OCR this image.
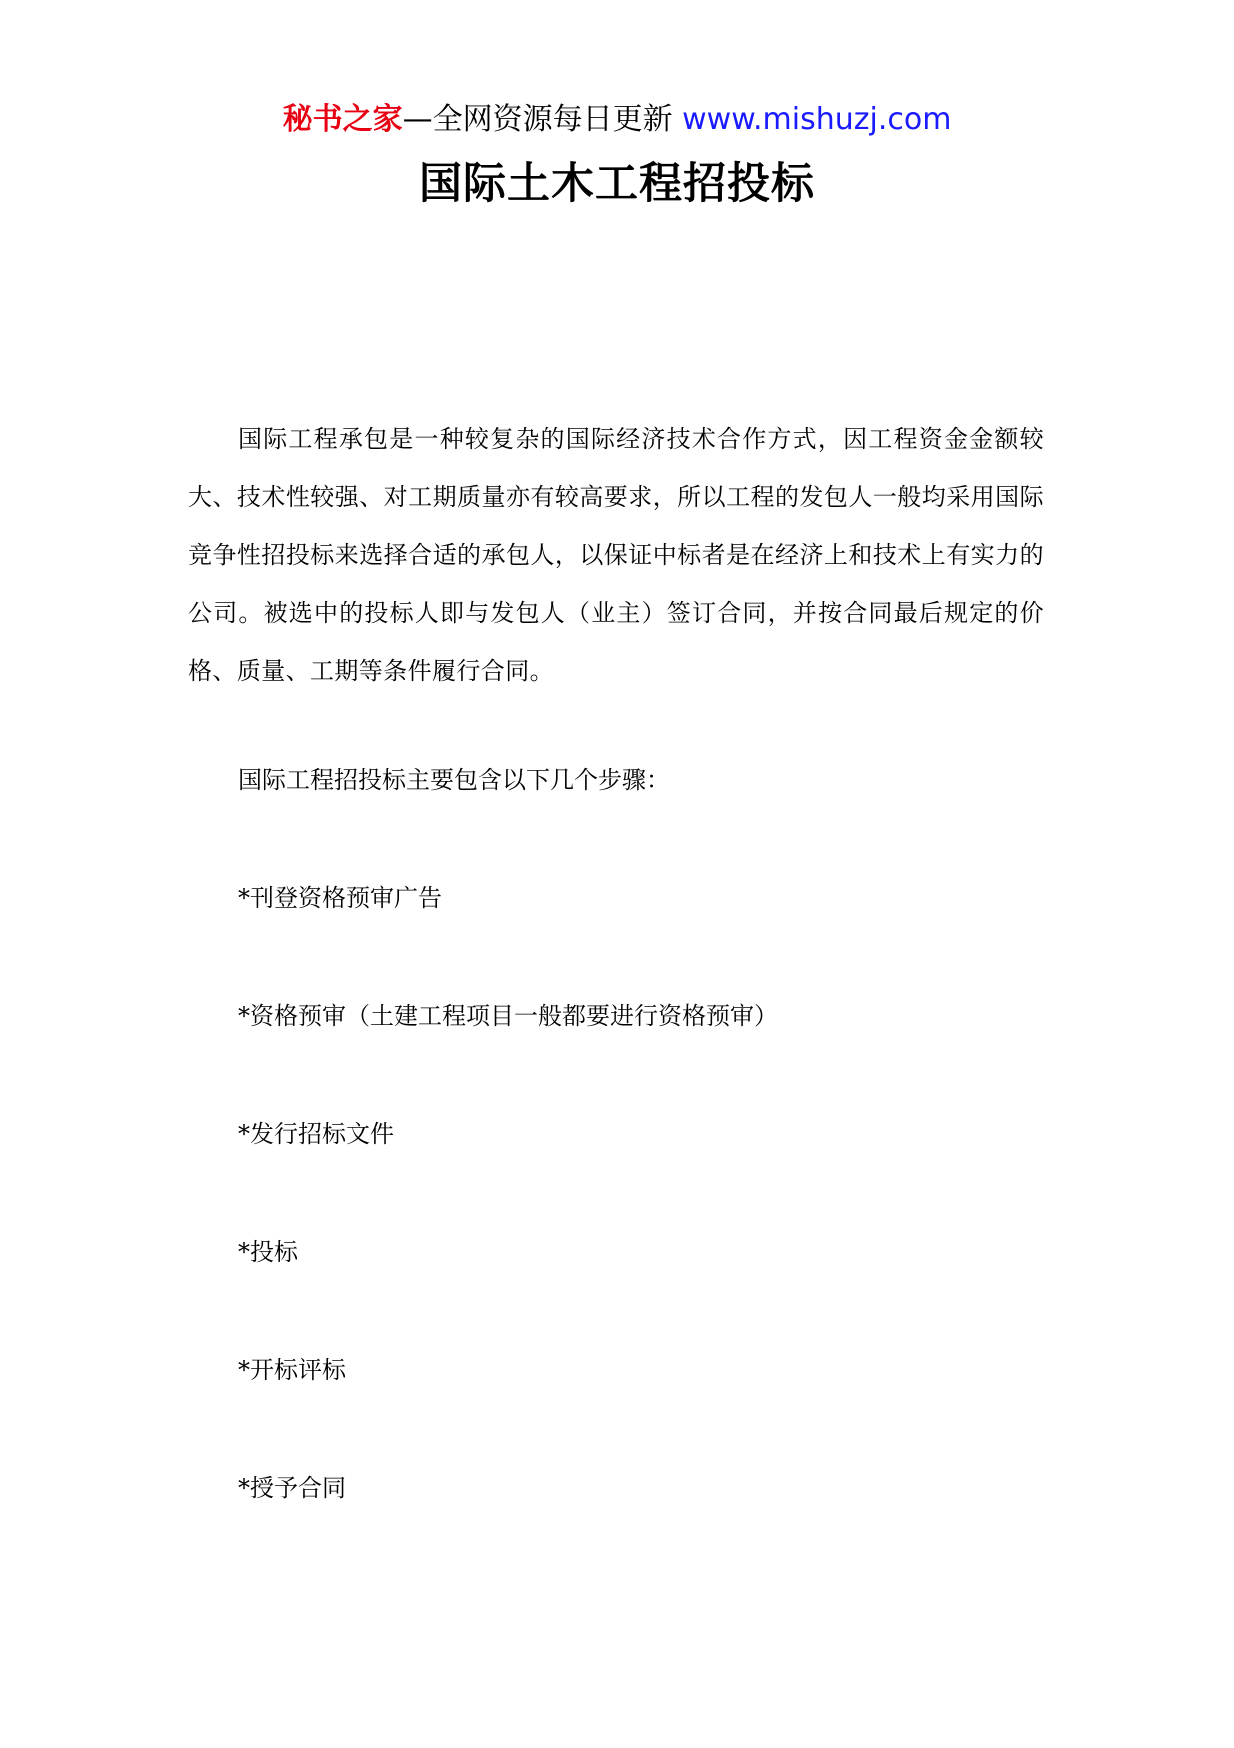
秘书之家—全网资源每日更新 www.mishuzj.com
国际土木工程招投标
国际工程承包是一种较复杂的国际经济技术合作方式，因工程资金金额较大、技术性较强、对工期质量亦有较高要求，所以工程的发包人一般均采用国际竞争性招投标来选择合适的承包人，以保证中标者是在经济上和技术上有实力的公司。被选中的投标人即与发包人（业主）签订合同，并按合同最后规定的价格、质量、工期等条件履行合同。
国际工程招投标主要包含以下几个步骤：
*刊登资格预审广告
*资格预审（土建工程项目一般都要进行资格预审）
*发行招标文件
*投标
*开标评标
*授予合同
